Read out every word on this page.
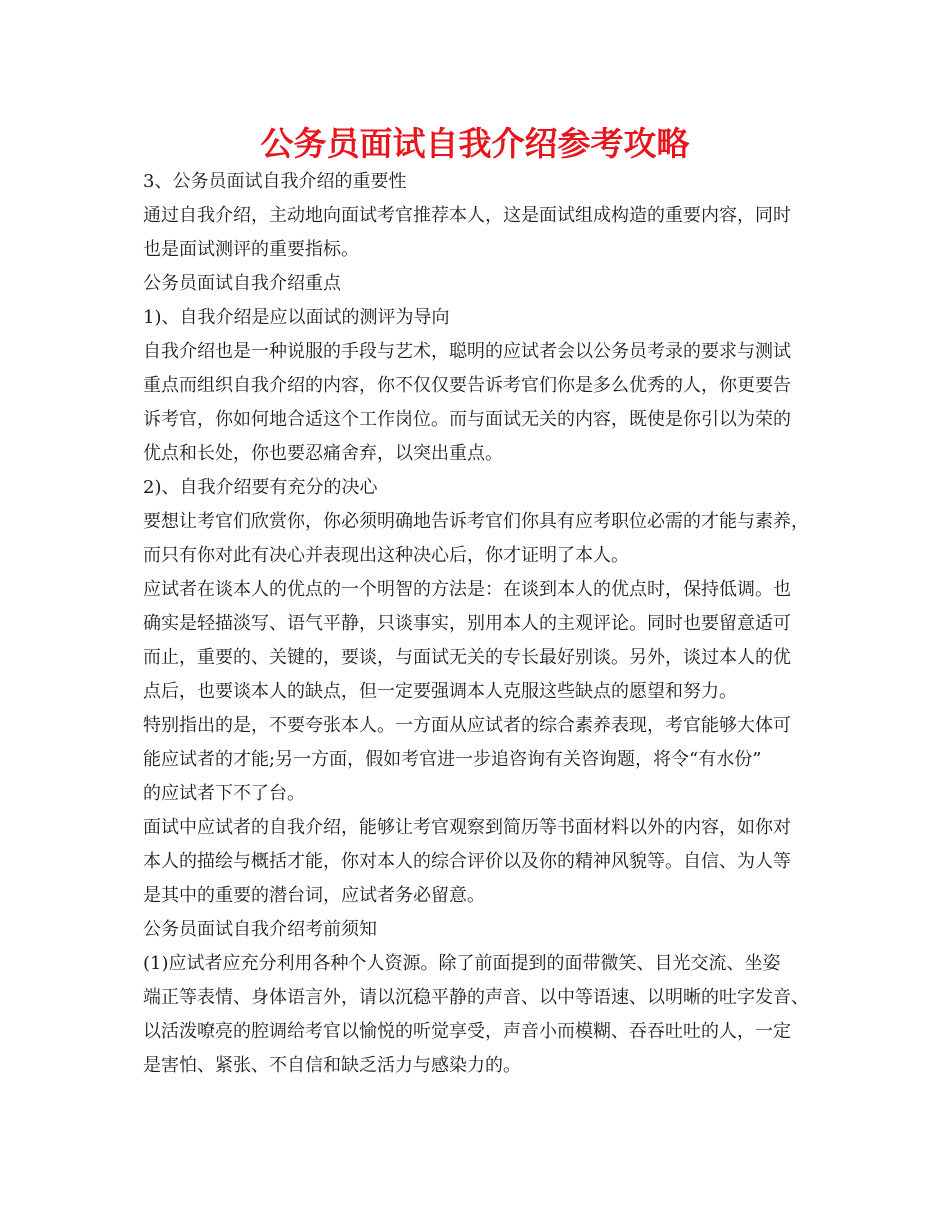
公务员面试自我介绍参考攻略
3、公务员面试自我介绍的重要性
通过自我介绍，主动地向面试考官推荐本人，这是面试组成构造的重要内容，同时
也是面试测评的重要指标。
公务员面试自我介绍重点
1)、自我介绍是应以面试的测评为导向
自我介绍也是一种说服的手段与艺术，聪明的应试者会以公务员考录的要求与测试
重点而组织自我介绍的内容，你不仅仅要告诉考官们你是多么优秀的人，你更要告
诉考官，你如何地合适这个工作岗位。而与面试无关的内容，既使是你引以为荣的
优点和长处，你也要忍痛舍弃，以突出重点。
2)、自我介绍要有充分的决心
要想让考官们欣赏你，你必须明确地告诉考官们你具有应考职位必需的才能与素养，
而只有你对此有决心并表现出这种决心后，你才证明了本人。
应试者在谈本人的优点的一个明智的方法是：在谈到本人的优点时，保持低调。也
确实是轻描淡写、语气平静，只谈事实，别用本人的主观评论。同时也要留意适可
而止，重要的、关键的，要谈，与面试无关的专长最好别谈。另外，谈过本人的优
点后，也要谈本人的缺点，但一定要强调本人克服这些缺点的愿望和努力。
特别指出的是，不要夸张本人。一方面从应试者的综合素养表现，考官能够大体可
能应试者的才能;另一方面，假如考官进一步追咨询有关咨询题，将令“有水份”
的应试者下不了台。
面试中应试者的自我介绍，能够让考官观察到简历等书面材料以外的内容，如你对
本人的描绘与概括才能，你对本人的综合评价以及你的精神风貌等。自信、为人等
是其中的重要的潜台词，应试者务必留意。
公务员面试自我介绍考前须知
(1)应试者应充分利用各种个人资源。除了前面提到的面带微笑、目光交流、坐姿
端正等表情、身体语言外，请以沉稳平静的声音、以中等语速、以明晰的吐字发音、
以活泼嘹亮的腔调给考官以愉悦的听觉享受，声音小而模糊、吞吞吐吐的人，一定
是害怕、紧张、不自信和缺乏活力与感染力的。
